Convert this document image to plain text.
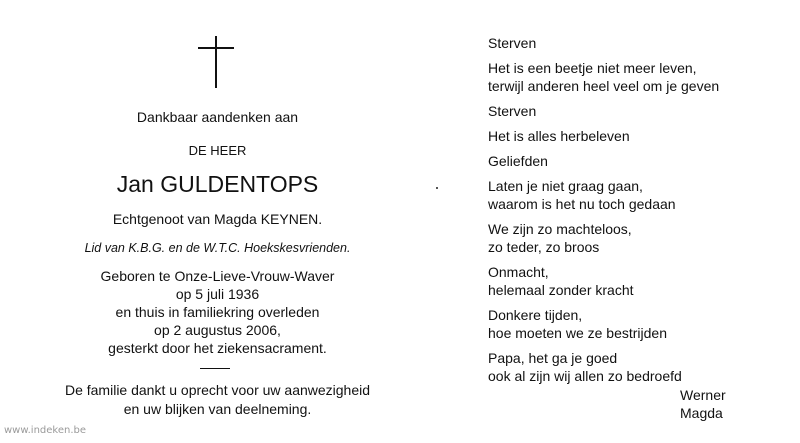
Dankbaar aandenken aan
DE HEER
Jan GULDENTOPS
Echtgenoot van Magda KEYNEN.
Lid van K.B.G. en de W.T.C. Hoekskesvrienden.
Geboren te Onze-Lieve-Vrouw-Waver
op 5 juli 1936
en thuis in familiekring overleden
op 2 augustus 2006,
gesterkt door het ziekensacrament.
De familie dankt u oprecht voor uw aanwezigheid
en uw blijken van deelneming.
Sterven
Het is een beetje niet meer leven,
terwijl anderen heel veel om je geven
Sterven
Het is alles herbeleven
Geliefden
Laten je niet graag gaan,
waarom is het nu toch gedaan
We zijn zo machteloos,
zo teder, zo broos
Onmacht,
helemaal zonder kracht
Donkere tijden,
hoe moeten we ze bestrijden
Papa, het ga je goed
ook al zijn wij allen zo bedroefd
Werner
Magda
www.indeken.be
